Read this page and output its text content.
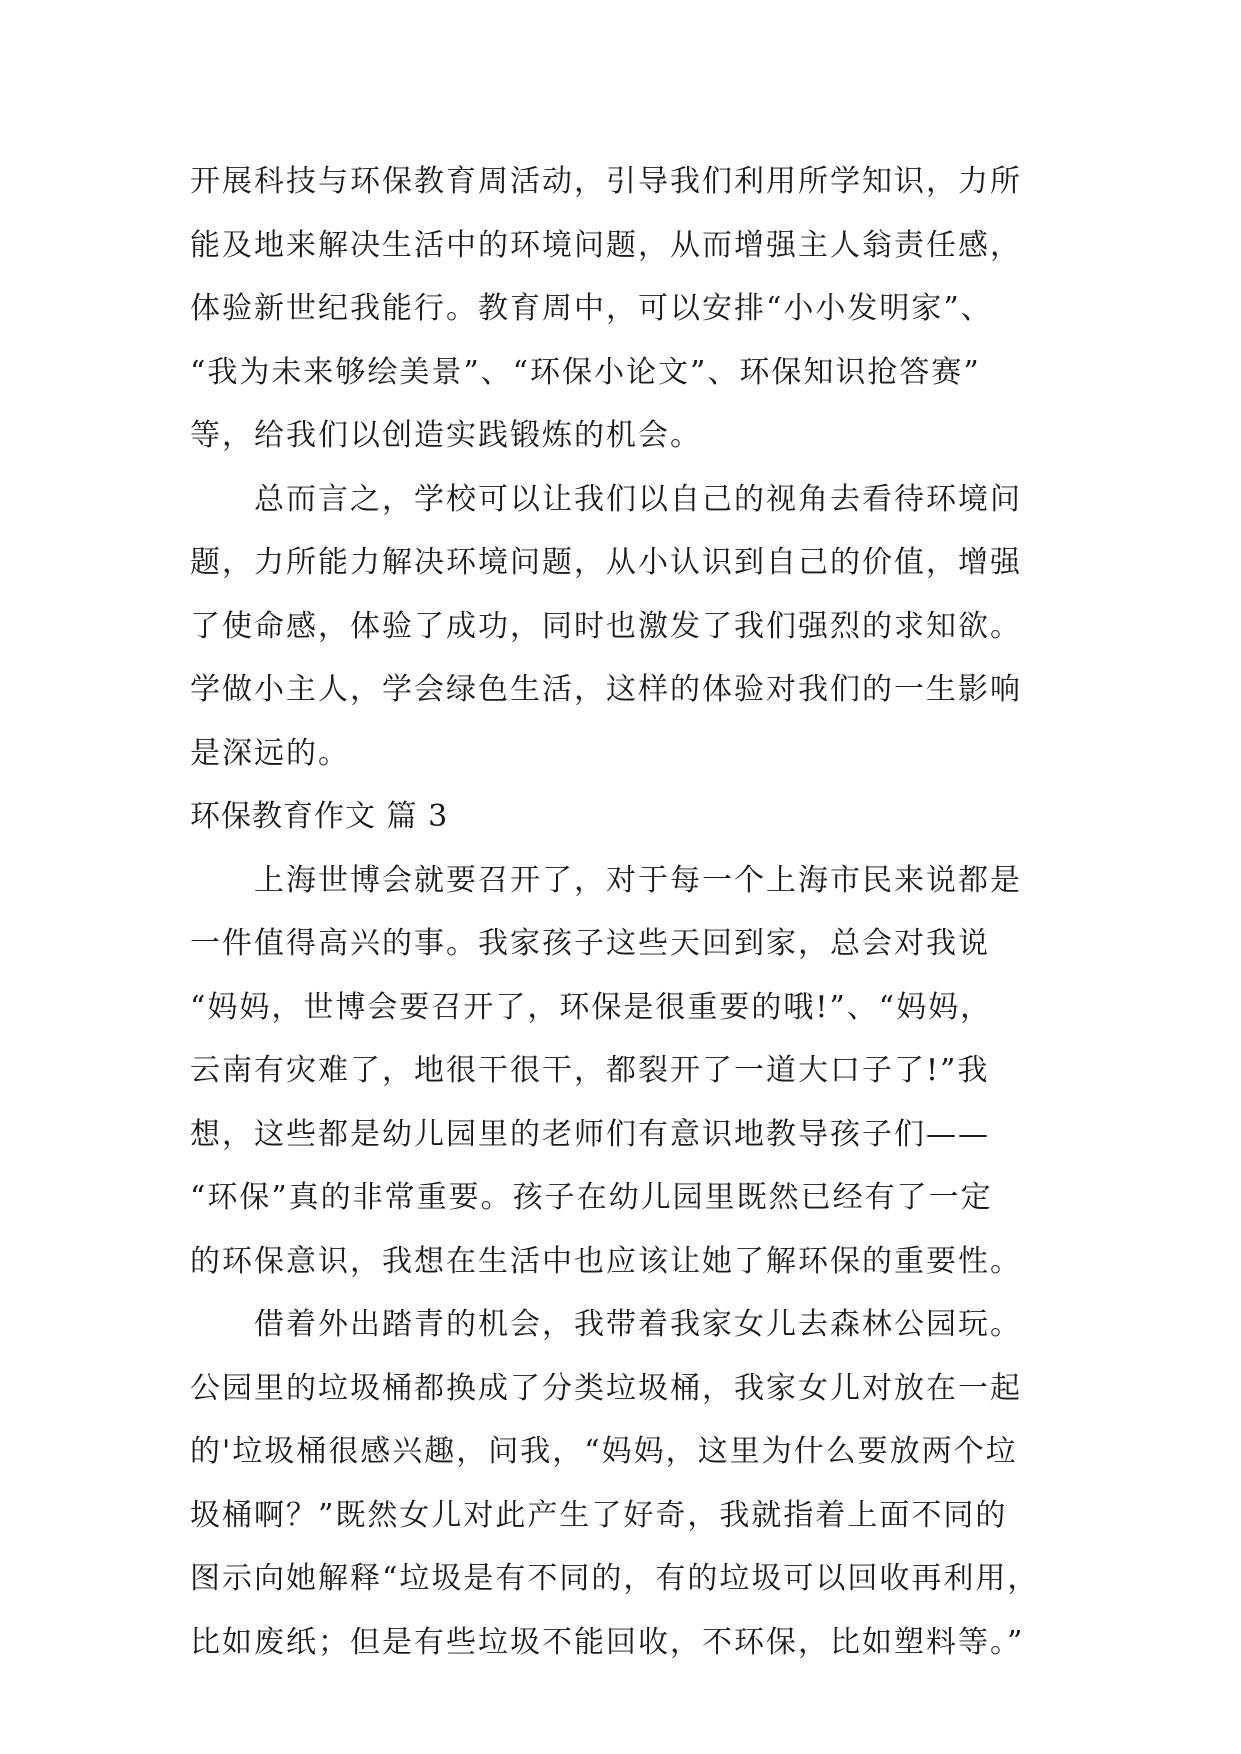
开展科技与环保教育周活动，引导我们利用所学知识，力所
能及地来解决生活中的环境问题，从而增强主人翁责任感，
体验新世纪我能行。教育周中，可以安排“小小发明家”、
“我为未来够绘美景”、“环保小论文”、环保知识抢答赛”
等，给我们以创造实践锻炼的机会。
　　总而言之，学校可以让我们以自己的视角去看待环境问
题，力所能力解决环境问题，从小认识到自己的价值，增强
了使命感，体验了成功，同时也激发了我们强烈的求知欲。
学做小主人，学会绿色生活，这样的体验对我们的一生影响
是深远的。
环保教育作文 篇 3
　　上海世博会就要召开了，对于每一个上海市民来说都是
一件值得高兴的事。我家孩子这些天回到家，总会对我说
“妈妈，世博会要召开了，环保是很重要的哦!”、“妈妈，
云南有灾难了，地很干很干，都裂开了一道大口子了!”我
想，这些都是幼儿园里的老师们有意识地教导孩子们——
“环保”真的非常重要。孩子在幼儿园里既然已经有了一定
的环保意识，我想在生活中也应该让她了解环保的重要性。
　　借着外出踏青的机会，我带着我家女儿去森林公园玩。
公园里的垃圾桶都换成了分类垃圾桶，我家女儿对放在一起
的'垃圾桶很感兴趣，问我，“妈妈，这里为什么要放两个垃
圾桶啊？”既然女儿对此产生了好奇，我就指着上面不同的
图示向她解释“垃圾是有不同的，有的垃圾可以回收再利用，
比如废纸；但是有些垃圾不能回收，不环保，比如塑料等。”
